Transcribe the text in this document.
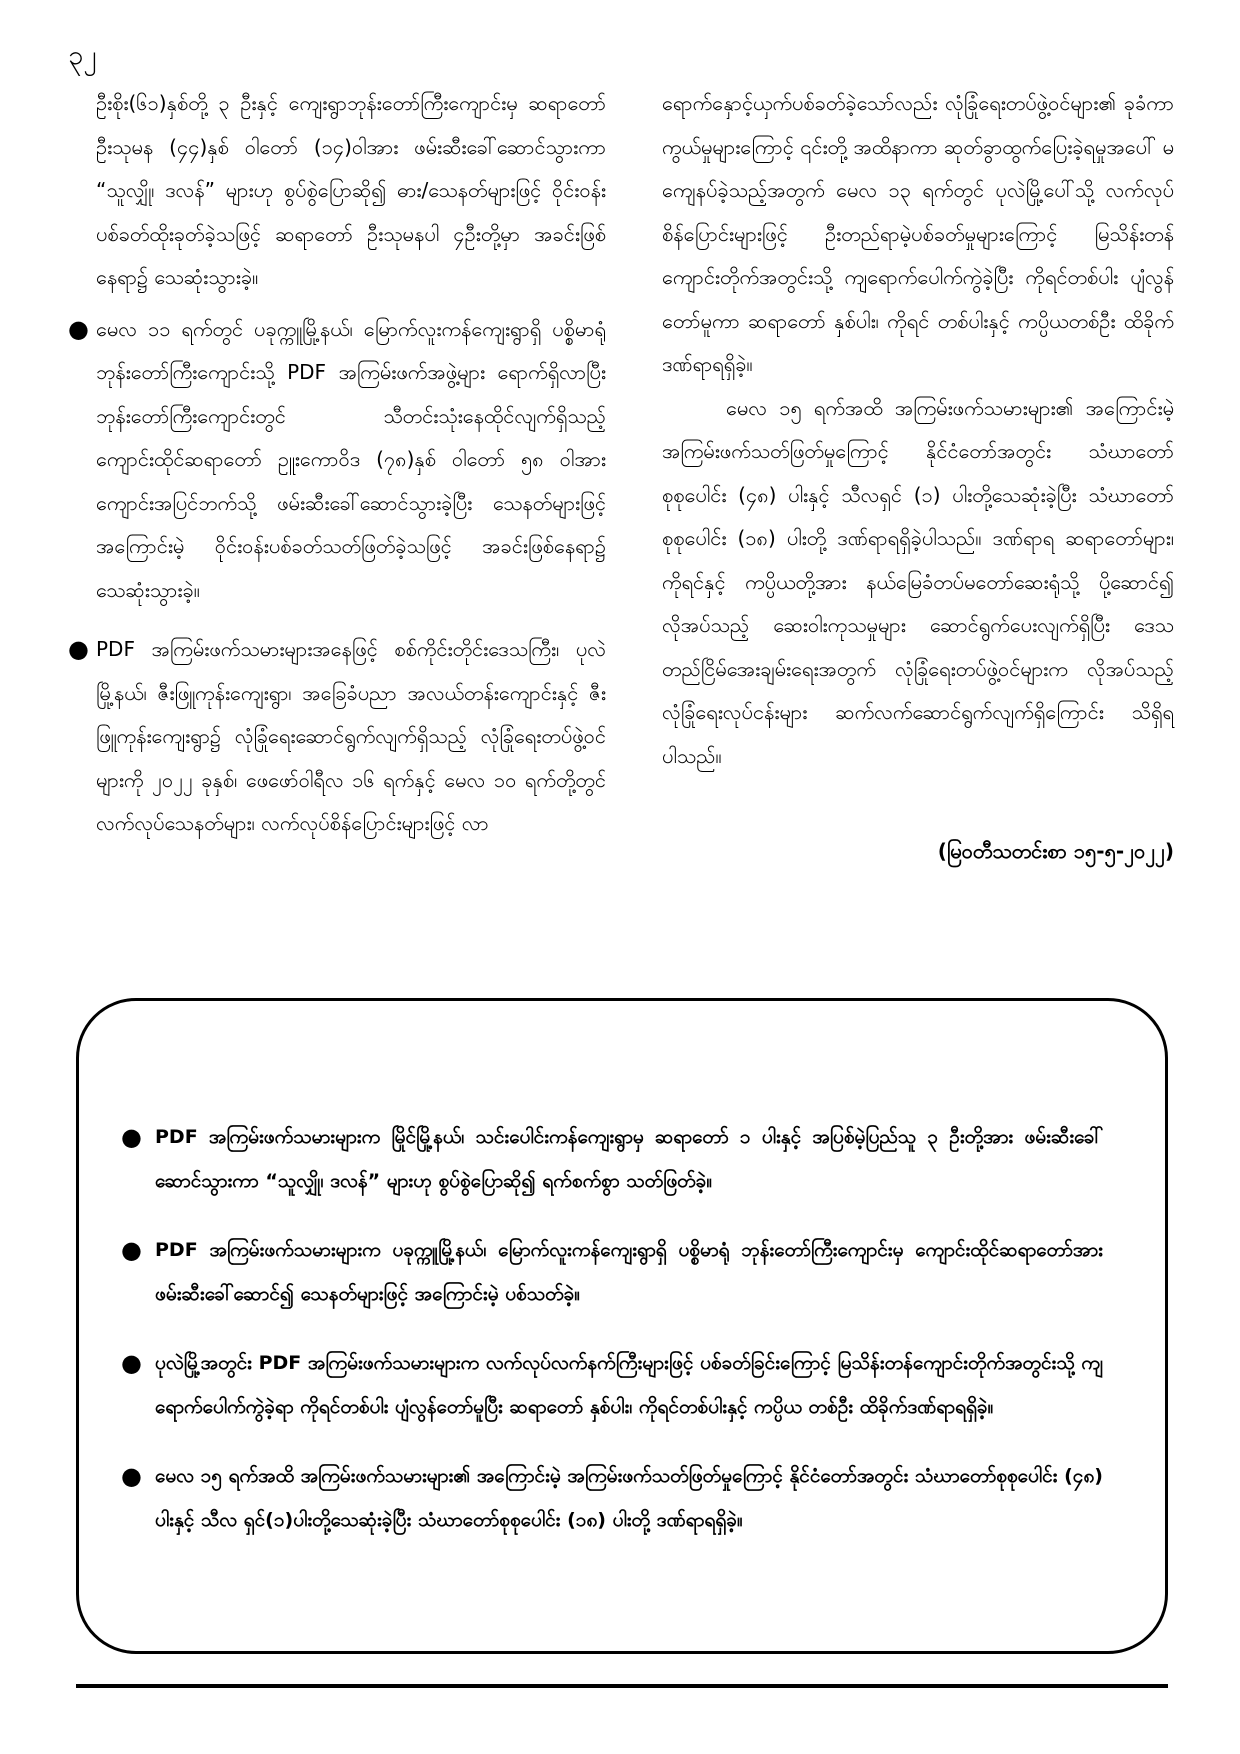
၃၂

ဦးစိုး(၆၁)နှစ်တို့ ၃ ဦးနှင့် ကျေးရွာဘုန်းတော်ကြီးကျောင်းမှ ဆရာတော် ဦးသုမန (၄၄)နှစ် ဝါတော် (၁၄)ဝါအား ဖမ်းဆီးခေါ်ဆောင်သွားကာ “သူလျှို၊ ဒလန်” များဟု စွပ်စွဲပြောဆို၍ ဓား/သေနတ်များဖြင့် ဝိုင်းဝန်းပစ်ခတ်ထိုးခုတ်ခဲ့သဖြင့် ဆရာတော် ဦးသုမနပါ ၄ဦးတို့မှာ အခင်းဖြစ်နေရာ၌ သေဆုံးသွားခဲ့။

● မေလ ၁၁ ရက်တွင် ပခုက္ကူမြို့နယ်၊ မြောက်လူးကန်ကျေးရွာရှိ ပစ္စိမာရုံ ဘုန်းတော်ကြီးကျောင်းသို့ PDF အကြမ်းဖက်အဖွဲ့များ ရောက်ရှိလာပြီး ဘုန်းတော်ကြီးကျောင်းတွင် သီတင်းသုံးနေထိုင်လျက်ရှိသည့် ကျောင်းထိုင်ဆရာတော် ဥူးကောဝိဒ (၇၈)နှစ် ဝါတော် ၅၈ ဝါအား ကျောင်းအပြင်ဘက်သို့ ဖမ်းဆီးခေါ်ဆောင်သွားခဲ့ပြီး သေနတ်များဖြင့် အကြောင်းမဲ့ ဝိုင်းဝန်းပစ်ခတ်သတ်ဖြတ်ခဲ့သဖြင့် အခင်းဖြစ်နေရာ၌ သေဆုံးသွားခဲ့။
● PDF အကြမ်းဖက်သမားများအနေဖြင့် စစ်ကိုင်းတိုင်းဒေသကြီး၊ ပုလဲမြို့နယ်၊ ဇီးဖြူကုန်းကျေးရွာ၊ အခြေခံပညာ အလယ်တန်းကျောင်းနှင့် ဇီးဖြူကုန်းကျေးရွာ၌ လုံခြုံရေးဆောင်ရွက်လျက်ရှိသည့် လုံခြုံရေးတပ်ဖွဲ့ဝင်များကို ၂၀၂၂ ခုနှစ်၊ ဖေဖော်ဝါရီလ ၁၆ ရက်နှင့် မေလ ၁၀ ရက်တို့တွင် လက်လုပ်သေနတ်များ၊ လက်လုပ်စိန်ပြောင်းများဖြင့် လာ

ရောက်နှောင့်ယှက်ပစ်ခတ်ခဲ့သော်လည်း လုံခြုံရေးတပ်ဖွဲ့ဝင်များ၏ ခုခံကာကွယ်မှုများကြောင့် ၎င်းတို့ အထိနာကာ ဆုတ်ခွာထွက်ပြေးခဲ့ရမှုအပေါ် မကျေနပ်ခဲ့သည့်အတွက် မေလ ၁၃ ရက်တွင် ပုလဲမြို့ပေါ်သို့ လက်လုပ်စိန်ပြောင်းများဖြင့် ဦးတည်ရာမဲ့ပစ်ခတ်မှုများကြောင့် မြသိန်းတန်ကျောင်းတိုက်အတွင်းသို့ ကျရောက်ပေါက်ကွဲခဲ့ပြီး ကိုရင်တစ်ပါး ပျံလွန်တော်မူကာ ဆရာတော် နှစ်ပါး၊ ကိုရင် တစ်ပါးနှင့် ကပ္ပိယတစ်ဦး ထိခိုက်ဒဏ်ရာရရှိခဲ့။

မေလ ၁၅ ရက်အထိ အကြမ်းဖက်သမားများ၏ အကြောင်းမဲ့ အကြမ်းဖက်သတ်ဖြတ်မှုကြောင့် နိုင်ငံတော်အတွင်း သံဃာတော်စုစုပေါင်း (၄၈) ပါးနှင့် သီလရှင် (၁) ပါးတို့သေဆုံးခဲ့ပြီး သံဃာတော်စုစုပေါင်း (၁၈) ပါးတို့ ဒဏ်ရာရရှိခဲ့ပါသည်။ ဒဏ်ရာရ ဆရာတော်များ၊ ကိုရင်နှင့် ကပ္ပိယတို့အား နယ်မြေခံတပ်မတော်ဆေးရုံသို့ ပို့ဆောင်၍ လိုအပ်သည့် ဆေးဝါးကုသမှုများ ဆောင်ရွက်ပေးလျက်ရှိပြီး ဒေသတည်ငြိမ်အေးချမ်းရေးအတွက် လုံခြုံရေးတပ်ဖွဲ့ဝင်များက လိုအပ်သည့် လုံခြုံရေးလုပ်ငန်းများ ဆက်လက်ဆောင်ရွက်လျက်ရှိကြောင်း သိရှိရပါသည်။

(မြဝတီသတင်းစာ ၁၅-၅-၂၀၂၂)

● PDF အကြမ်းဖက်သမားများက မြိုင်မြို့နယ်၊ သင်းပေါင်းကန်ကျေးရွာမှ ဆရာတော် ၁ ပါးနှင့် အပြစ်မဲ့ပြည်သူ ၃ ဦးတို့အား ဖမ်းဆီးခေါ်ဆောင်သွားကာ “သူလျှို၊ ဒလန်” များဟု စွပ်စွဲပြောဆို၍ ရက်စက်စွာ သတ်ဖြတ်ခဲ့။
● PDF အကြမ်းဖက်သမားများက ပခုက္ကူမြို့နယ်၊ မြောက်လူးကန်ကျေးရွာရှိ ပစ္စိမာရုံ ဘုန်းတော်ကြီးကျောင်းမှ ကျောင်းထိုင်ဆရာတော်အား ဖမ်းဆီးခေါ်ဆောင်၍ သေနတ်များဖြင့် အကြောင်းမဲ့ ပစ်သတ်ခဲ့။
● ပုလဲမြို့အတွင်း PDF အကြမ်းဖက်သမားများက လက်လုပ်လက်နက်ကြီးများဖြင့် ပစ်ခတ်ခြင်းကြောင့် မြသိန်းတန်ကျောင်းတိုက်အတွင်းသို့ ကျရောက်ပေါက်ကွဲခဲ့ရာ ကိုရင်တစ်ပါး ပျံလွန်တော်မူပြီး ဆရာတော် နှစ်ပါး၊ ကိုရင်တစ်ပါးနှင့် ကပ္ပိယ တစ်ဦး ထိခိုက်ဒဏ်ရာရရှိခဲ့။
● မေလ ၁၅ ရက်အထိ အကြမ်းဖက်သမားများ၏ အကြောင်းမဲ့ အကြမ်းဖက်သတ်ဖြတ်မှုကြောင့် နိုင်ငံတော်အတွင်း သံဃာတော်စုစုပေါင်း (၄၈) ပါးနှင့် သီလ ရှင်(၁)ပါးတို့သေဆုံးခဲ့ပြီး သံဃာတော်စုစုပေါင်း (၁၈) ပါးတို့ ဒဏ်ရာရရှိခဲ့။
